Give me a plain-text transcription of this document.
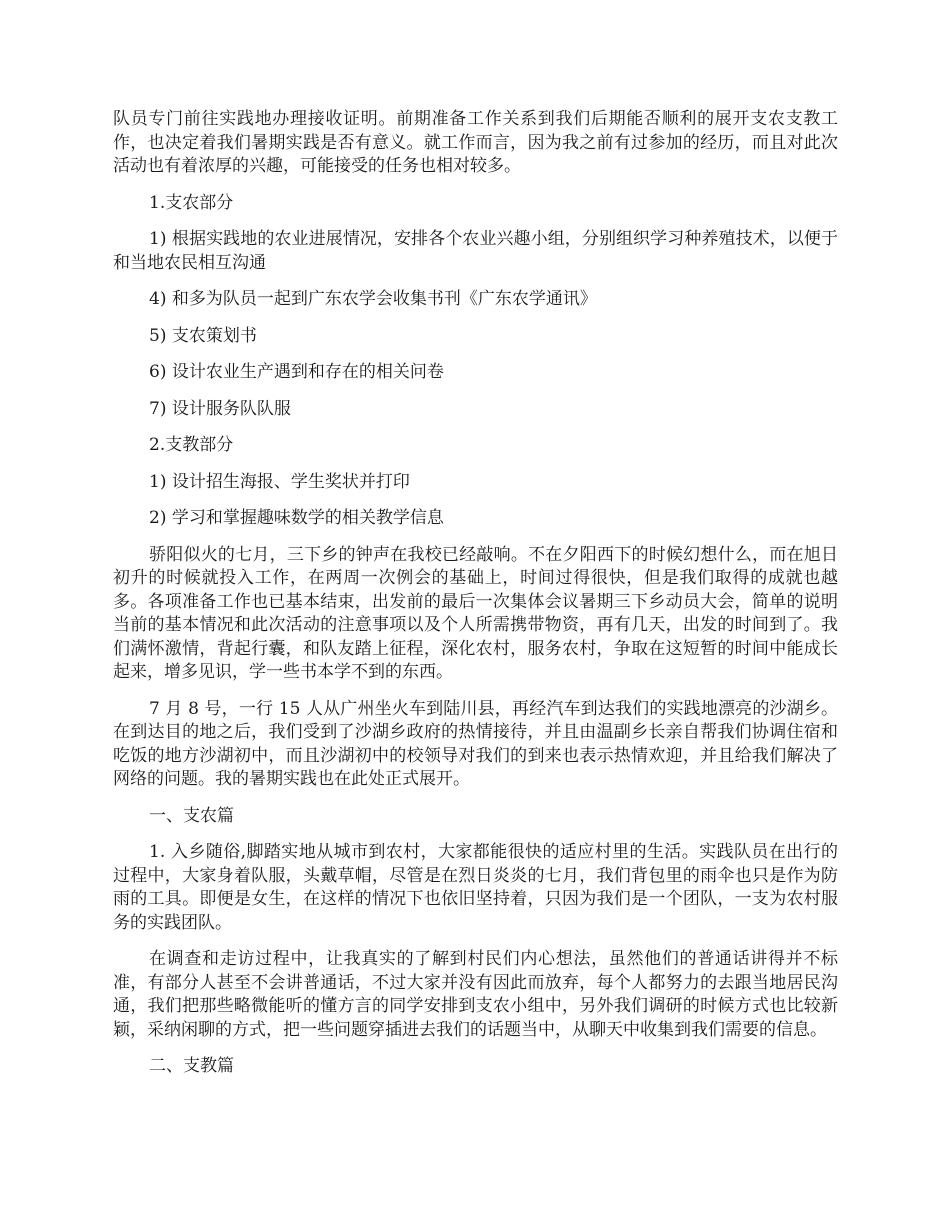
队员专门前往实践地办理接收证明。前期准备工作关系到我们后期能否顺利的展开支农支教工作，也决定着我们暑期实践是否有意义。就工作而言，因为我之前有过参加的经历，而且对此次活动也有着浓厚的兴趣，可能接受的任务也相对较多。

1.支农部分

1) 根据实践地的农业进展情况，安排各个农业兴趣小组，分别组织学习种养殖技术，以便于和当地农民相互沟通

4) 和多为队员一起到广东农学会收集书刊《广东农学通讯》

5) 支农策划书

6) 设计农业生产遇到和存在的相关问卷

7) 设计服务队队服

2.支教部分

1) 设计招生海报、学生奖状并打印

2) 学习和掌握趣味数学的相关教学信息

骄阳似火的七月，三下乡的钟声在我校已经敲响。不在夕阳西下的时候幻想什么，而在旭日初升的时候就投入工作，在两周一次例会的基础上，时间过得很快，但是我们取得的成就也越多。各项准备工作也已基本结束，出发前的最后一次集体会议暑期三下乡动员大会，简单的说明当前的基本情况和此次活动的注意事项以及个人所需携带物资，再有几天，出发的时间到了。我们满怀激情，背起行囊，和队友踏上征程，深化农村，服务农村，争取在这短暂的时间中能成长起来，增多见识，学一些书本学不到的东西。

7 月 8 号，一行 15 人从广州坐火车到陆川县，再经汽车到达我们的实践地漂亮的沙湖乡。在到达目的地之后，我们受到了沙湖乡政府的热情接待，并且由温副乡长亲自帮我们协调住宿和吃饭的地方沙湖初中，而且沙湖初中的校领导对我们的到来也表示热情欢迎，并且给我们解决了网络的问题。我的暑期实践也在此处正式展开。

一、支农篇

1. 入乡随俗,脚踏实地从城市到农村，大家都能很快的适应村里的生活。实践队员在出行的过程中，大家身着队服，头戴草帽，尽管是在烈日炎炎的七月，我们背包里的雨伞也只是作为防雨的工具。即便是女生，在这样的情况下也依旧坚持着，只因为我们是一个团队，一支为农村服务的实践团队。

在调查和走访过程中，让我真实的了解到村民们内心想法，虽然他们的普通话讲得并不标准，有部分人甚至不会讲普通话，不过大家并没有因此而放弃，每个人都努力的去跟当地居民沟通，我们把那些略微能听的懂方言的同学安排到支农小组中，另外我们调研的时候方式也比较新颖，采纳闲聊的方式，把一些问题穿插进去我们的话题当中，从聊天中收集到我们需要的信息。

二、支教篇
